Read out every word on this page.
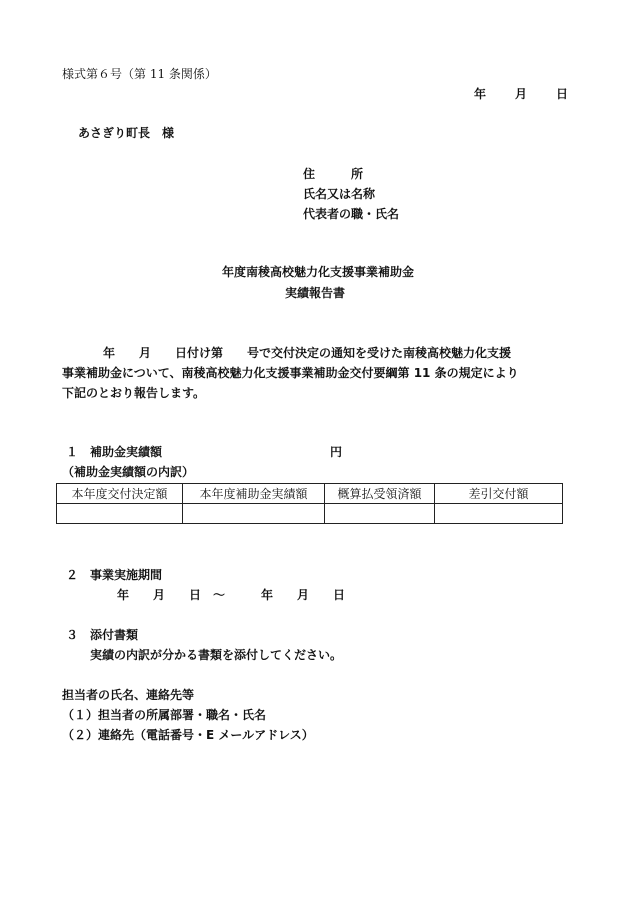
様式第６号（第 11 条関係）
年 月 日
あさぎり町長　様
住　　　所
氏名又は名称
代表者の職・氏名
年度南稜高校魅力化支援事業補助金
実績報告書
年　　月　　日付け第　　号で交付決定の通知を受けた南稜高校魅力化支援
事業補助金について、南稜高校魅力化支援事業補助金交付要綱第 11 条の規定により
下記のとおり報告します。
１　補助金実績額	円
（補助金実績額の内訳）
本年度交付決定額	本年度補助金実績額	概算払受領済額	差引交付額

２　事業実施期間
年　　月　　日　～　　　年　　月　　日
３　添付書類
実績の内訳が分かる書類を添付してください。
担当者の氏名、連絡先等
（１）担当者の所属部署・職名・氏名
（２）連絡先（電話番号・E メールアドレス）
